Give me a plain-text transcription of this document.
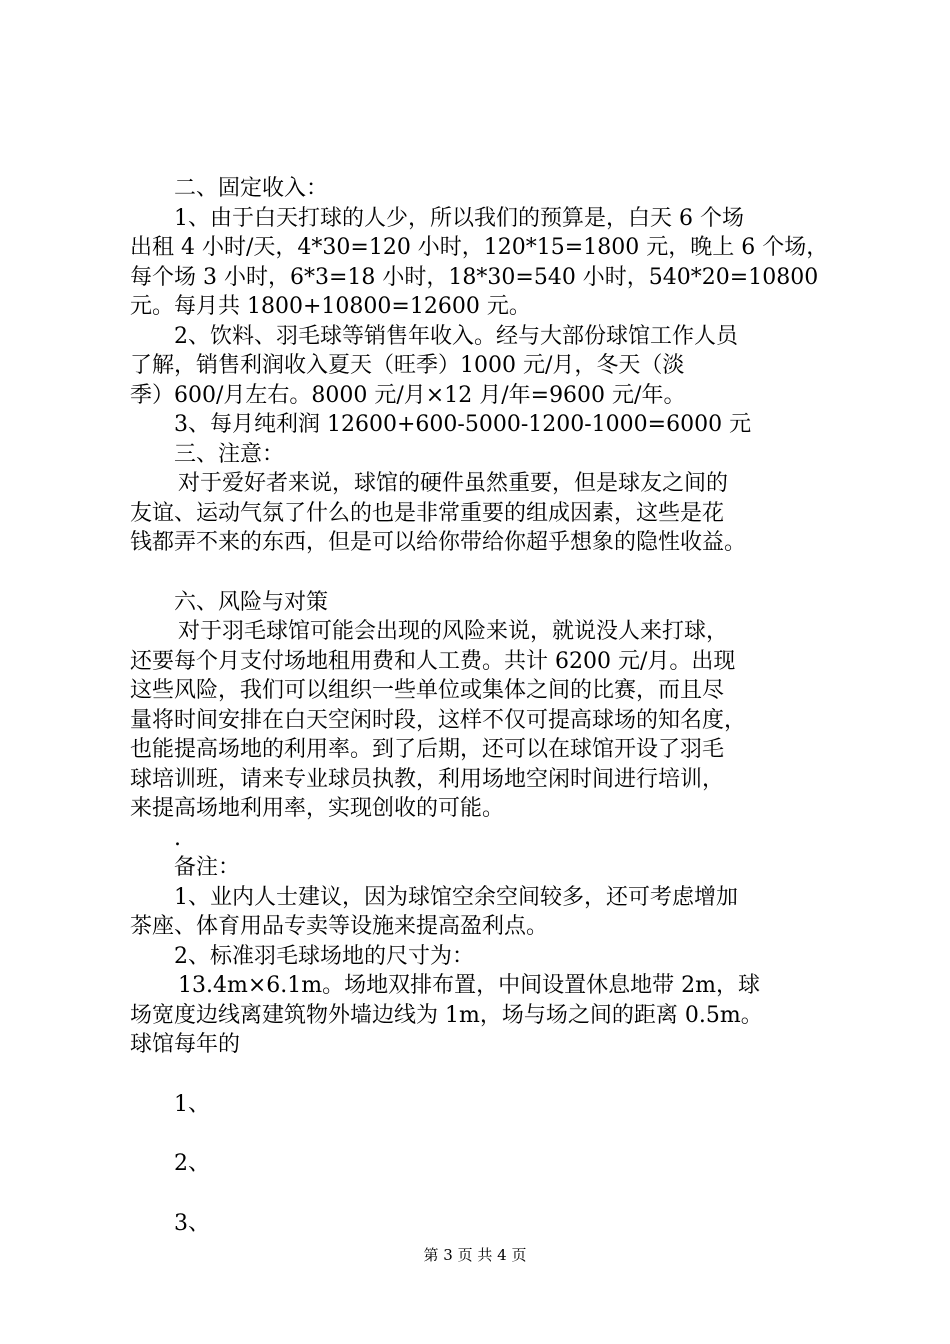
二、固定收入：
1、由于白天打球的人少，所以我们的预算是，白天 6 个场
出租 4 小时/天，4*30=120 小时，120*15=1800 元，晚上 6 个场，
每个场 3 小时，6*3=18 小时，18*30=540 小时，540*20=10800
元。每月共 1800+10800=12600 元。
2、饮料、羽毛球等销售年收入。经与大部份球馆工作人员
了解，销售利润收入夏天（旺季）1000 元/月，冬天（淡
季）600/月左右。8000 元/月×12 月/年=9600 元/年。
3、每月纯利润 12600+600-5000-1200-1000=6000 元
三、注意：
对于爱好者来说，球馆的硬件虽然重要，但是球友之间的
友谊、运动气氛了什么的也是非常重要的组成因素，这些是花
钱都弄不来的东西，但是可以给你带给你超乎想象的隐性收益。
六、风险与对策
对于羽毛球馆可能会出现的风险来说，就说没人来打球，
还要每个月支付场地租用费和人工费。共计 6200 元/月。出现
这些风险，我们可以组织一些单位或集体之间的比赛，而且尽
量将时间安排在白天空闲时段，这样不仅可提高球场的知名度，
也能提高场地的利用率。到了后期，还可以在球馆开设了羽毛
球培训班，请来专业球员执教，利用场地空闲时间进行培训，
来提高场地利用率，实现创收的可能。
.
备注：
1、业内人士建议，因为球馆空余空间较多，还可考虑增加
茶座、体育用品专卖等设施来提高盈利点。
2、标准羽毛球场地的尺寸为：
13.4m×6.1m。场地双排布置，中间设置休息地带 2m，球
场宽度边线离建筑物外墙边线为 1m，场与场之间的距离 0.5m。
球馆每年的
1、
2、
3、
第 3 页 共 4 页
